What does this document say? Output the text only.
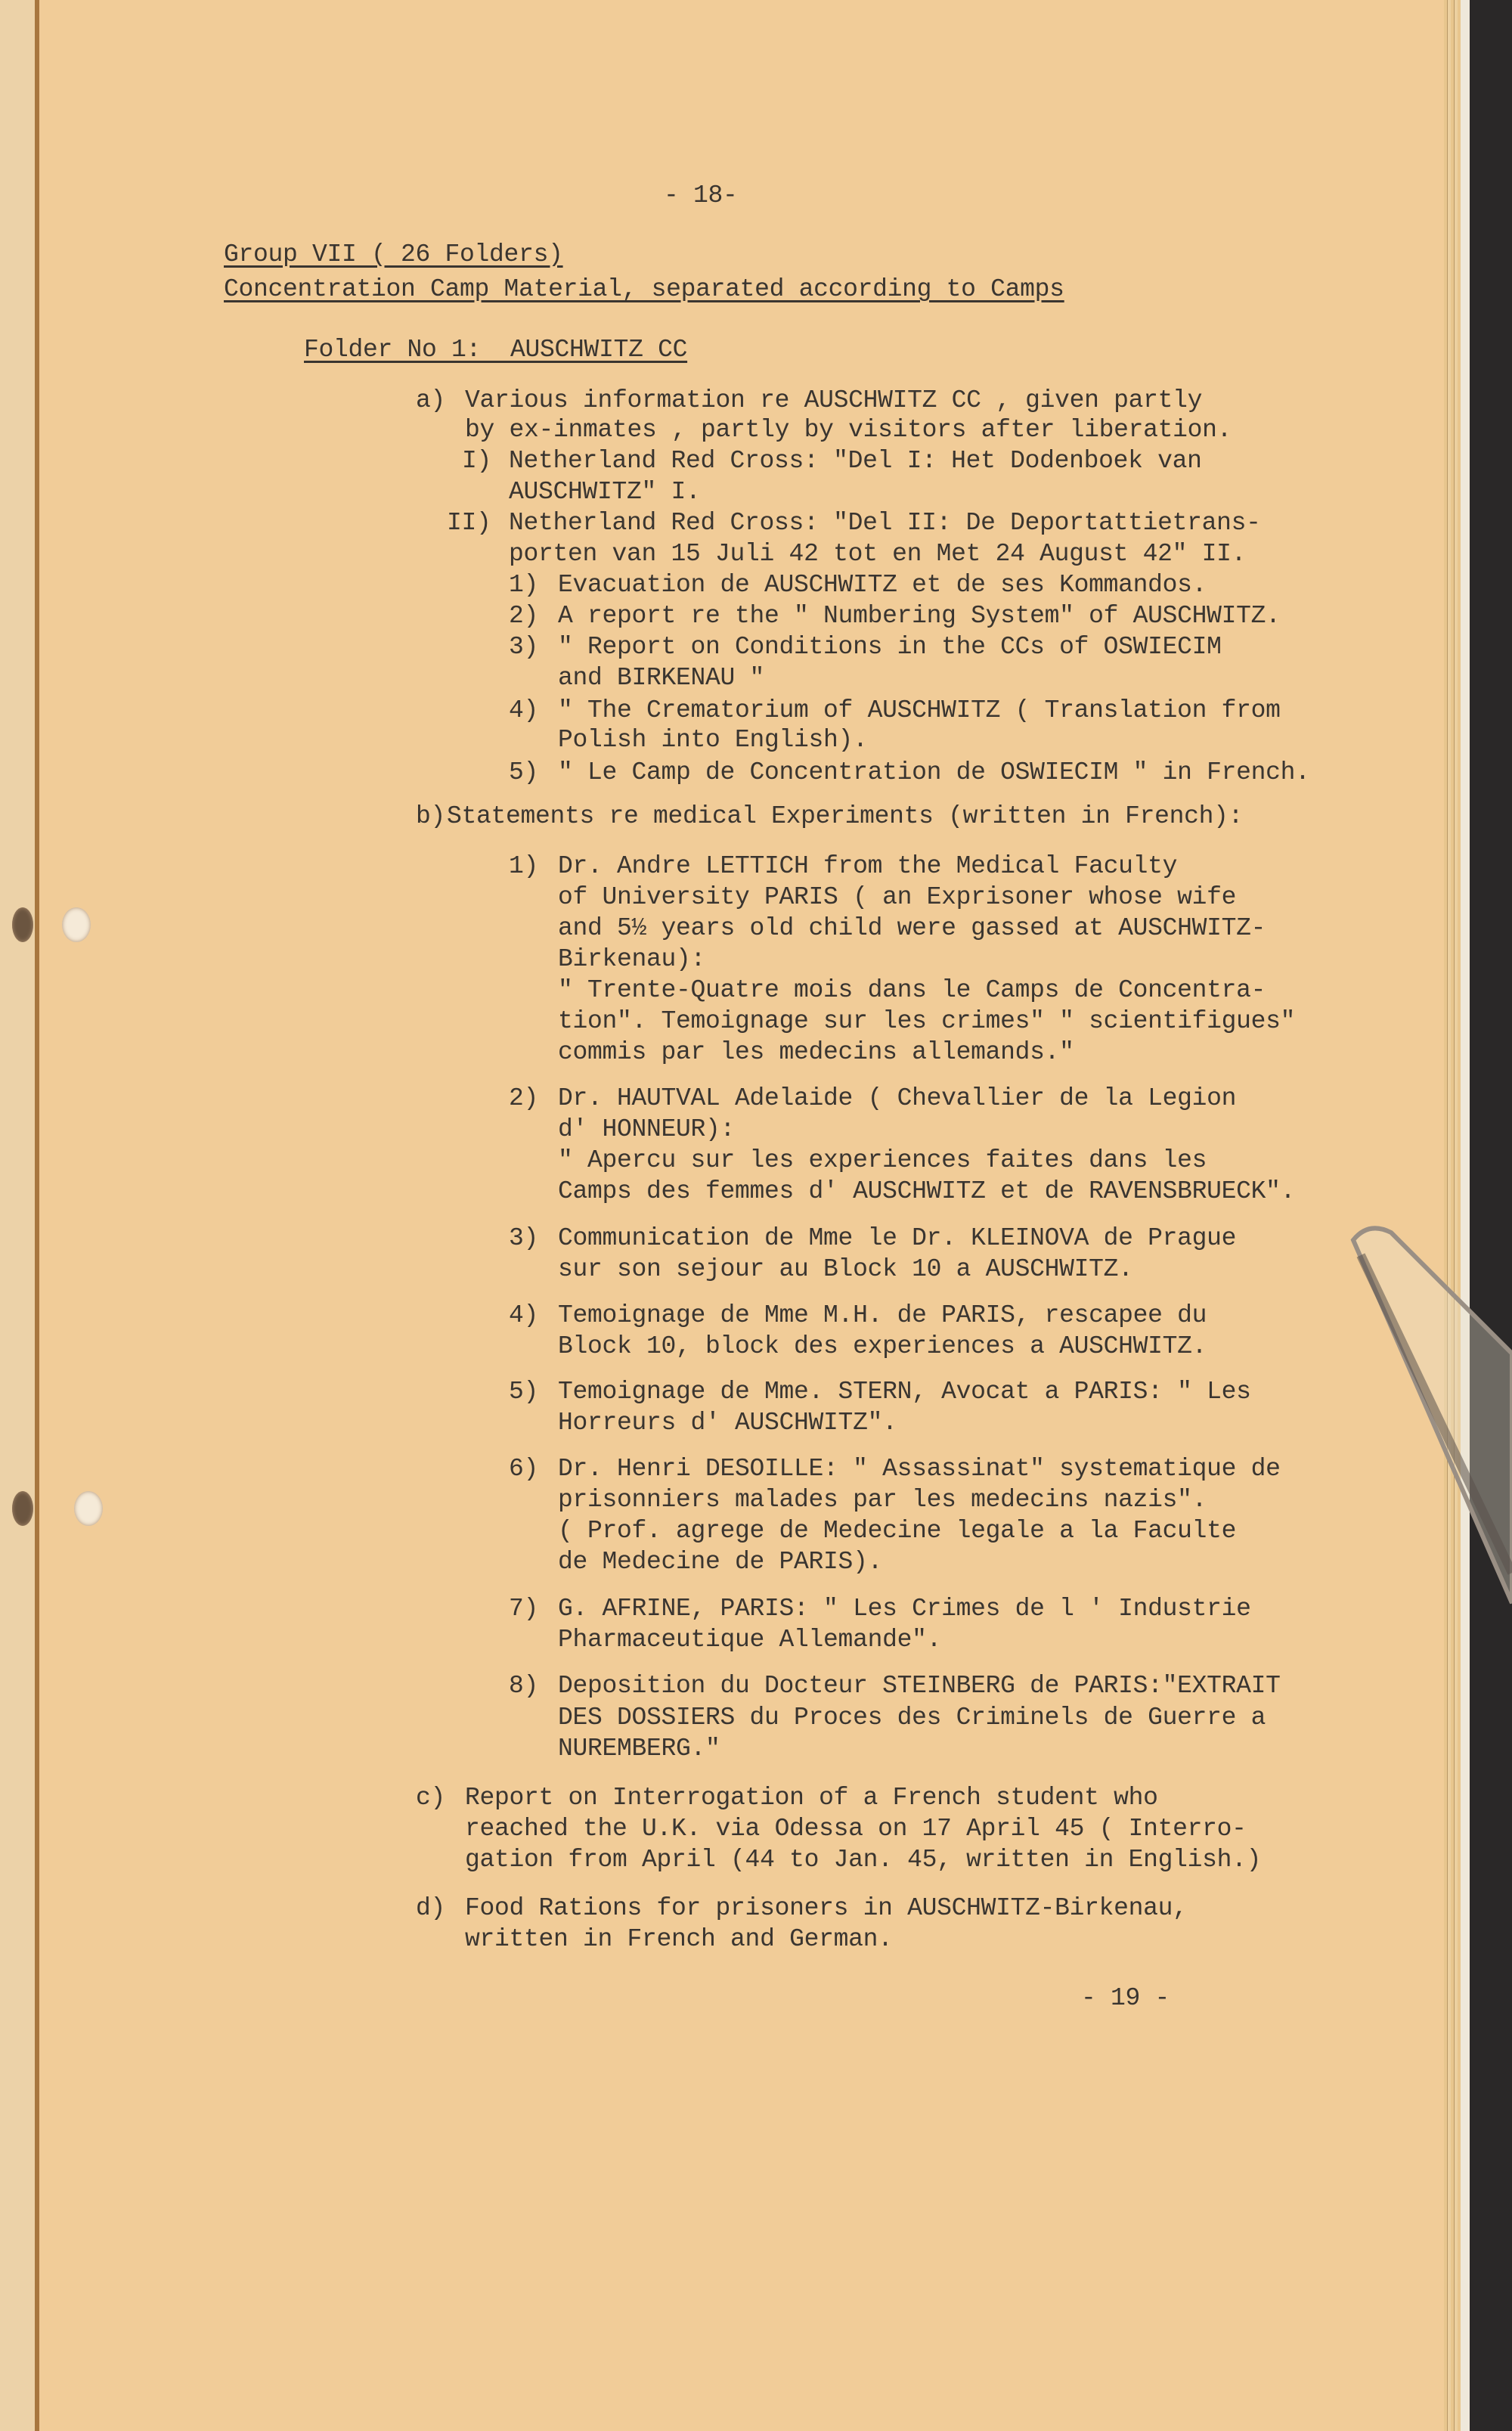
- 18-
Group VII ( 26 Folders)
Concentration Camp Material, separated according to Camps
Folder No 1:  AUSCHWITZ CC
a) Various information re AUSCHWITZ CC , given partly
by ex-inmates , partly by visitors after liberation.
I) Netherland Red Cross: "Del I: Het Dodenboek van
AUSCHWITZ" I.
II) Netherland Red Cross: "Del II: De Deportattietrans-
porten van 15 Juli 42 tot en Met 24 August 42" II.
1) Evacuation de AUSCHWITZ et de ses Kommandos.
2) A report re the " Numbering System" of AUSCHWITZ.
3) " Report on Conditions in the CCs of OSWIECIM
and BIRKENAU "
4) " The Crematorium of AUSCHWITZ ( Translation from
Polish into English).
5) " Le Camp de Concentration de OSWIECIM " in French.
b) Statements re medical Experiments (written in French):
1) Dr. Andre LETTICH from the Medical Faculty
of University PARIS ( an Exprisoner whose wife
and 5½ years old child were gassed at AUSCHWITZ-
Birkenau):
" Trente-Quatre mois dans le Camps de Concentra-
tion". Temoignage sur les crimes" " scientifigues"
commis par les medecins allemands."
2) Dr. HAUTVAL Adelaide ( Chevallier de la Legion
d' HONNEUR):
" Apercu sur les experiences faites dans les
Camps des femmes d' AUSCHWITZ et de RAVENSBRUECK".
3) Communication de Mme le Dr. KLEINOVA de Prague
sur son sejour au Block 10 a AUSCHWITZ.
4) Temoignage de Mme M.H. de PARIS, rescapee du
Block 10, block des experiences a AUSCHWITZ.
5) Temoignage de Mme. STERN, Avocat a PARIS: " Les
Horreurs d' AUSCHWITZ".
6) Dr. Henri DESOILLE: " Assassinat" systematique de
prisonniers malades par les medecins nazis".
( Prof. agrege de Medecine legale a la Faculte
de Medecine de PARIS).
7) G. AFRINE, PARIS: " Les Crimes de l ' Industrie
Pharmaceutique Allemande".
8) Deposition du Docteur STEINBERG de PARIS:"EXTRAIT
DES DOSSIERS du Proces des Criminels de Guerre a
NUREMBERG."
c) Report on Interrogation of a French student who
reached the U.K. via Odessa on 17 April 45 ( Interro-
gation from April (44 to Jan. 45, written in English.)
d) Food Rations for prisoners in AUSCHWITZ-Birkenau,
written in French and German.
- 19 -
